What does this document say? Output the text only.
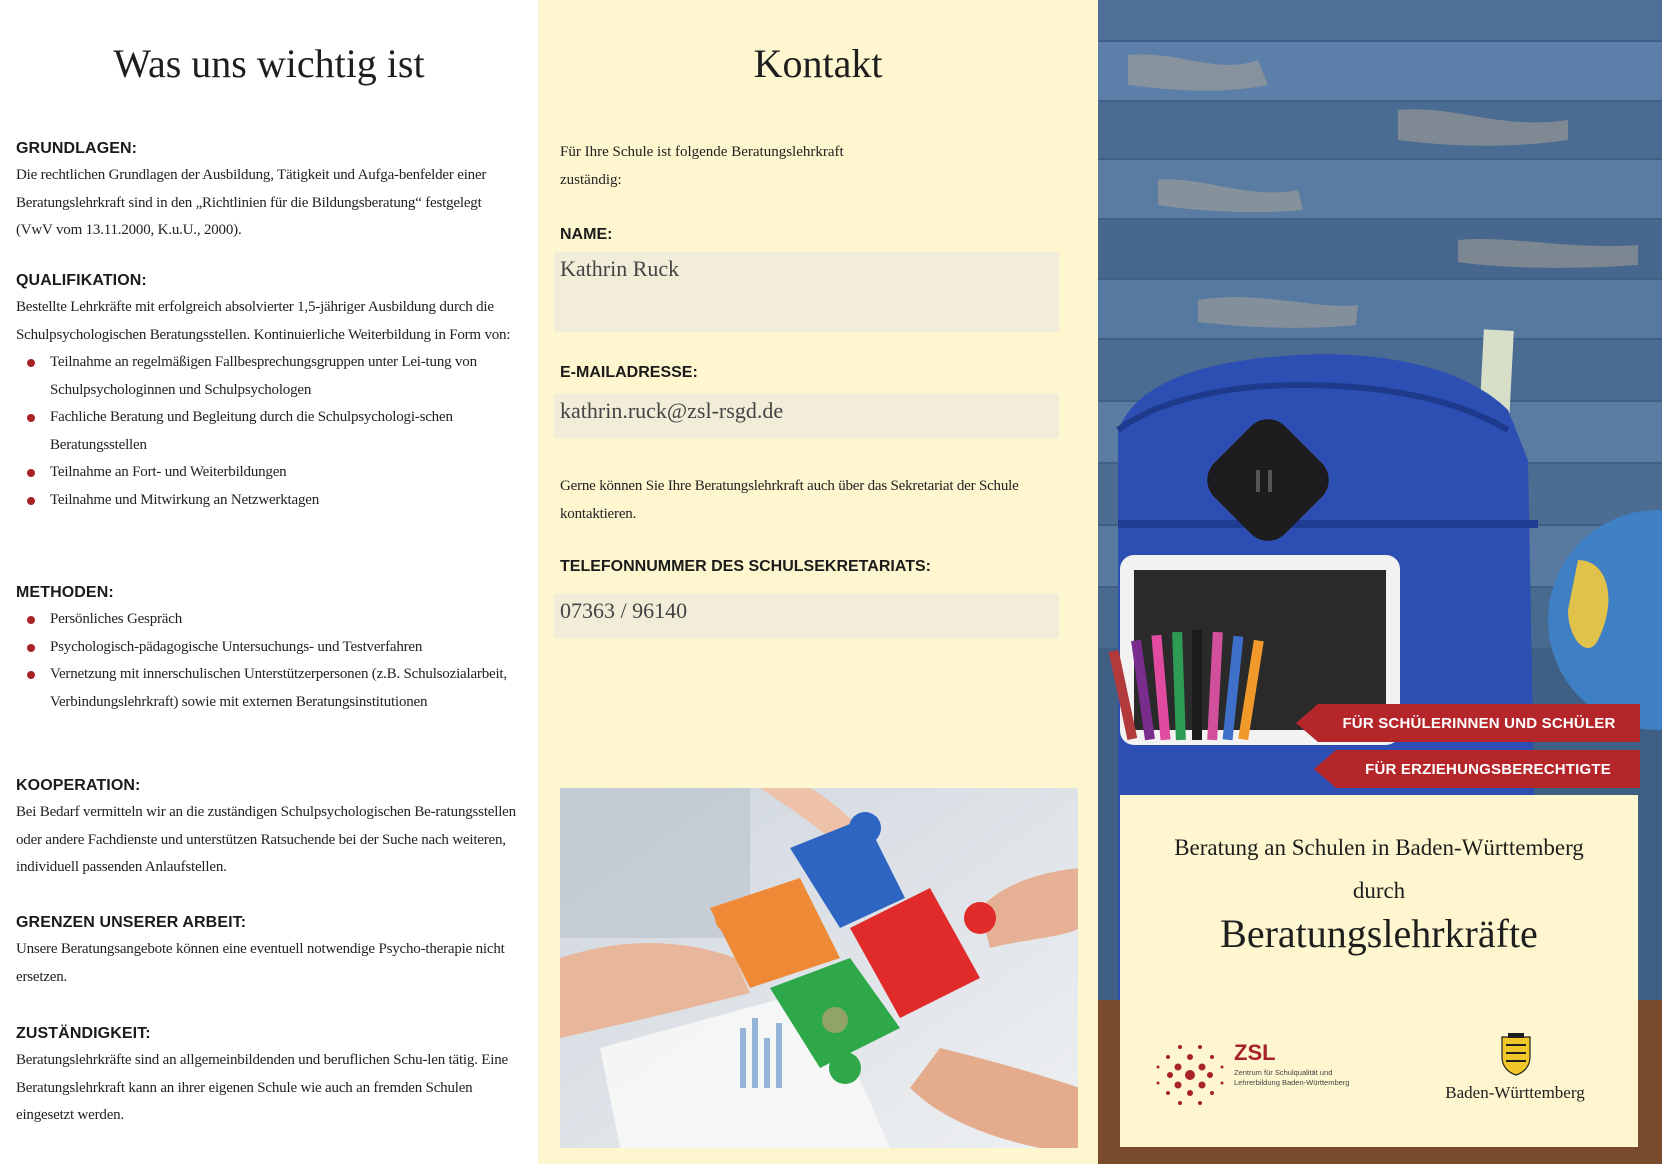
Was uns wichtig ist
GRUNDLAGEN:

Die rechtlichen Grundlagen der Ausbildung, Tätigkeit und Aufga-benfelder einer Beratungslehrkraft sind in den „Richtlinien für die Bildungsberatung“ festgelegt (VwV vom 13.11.2000, K.u.U., 2000).

QUALIFIKATION:

Bestellte Lehrkräfte mit erfolgreich absolvierter 1,5-jähriger Ausbildung durch die Schulpsychologischen Beratungsstellen. Kontinuierliche Weiterbildung in Form von:

Teilnahme an regelmäßigen Fallbesprechungsgruppen unter Lei-tung von Schulpsychologinnen und Schulpsychologen
Fachliche Beratung und Begleitung durch die Schulpsychologi-schen Beratungsstellen
Teilnahme an Fort- und Weiterbildungen
Teilnahme und Mitwirkung an Netzwerktagen
METHODEN:
Persönliches Gespräch
Psychologisch-pädagogische Untersuchungs- und Testverfahren
Vernetzung mit innerschulischen Unterstützerpersonen (z.B. Schulsozialarbeit, Verbindungslehrkraft) sowie mit externen Beratungsinstitutionen
KOOPERATION:

Bei Bedarf vermitteln wir an die zuständigen Schulpsychologischen Be-ratungsstellen oder andere Fachdienste und unterstützen Ratsuchende bei der Suche nach weiteren, individuell passenden Anlaufstellen.

GRENZEN UNSERER ARBEIT:

Unsere Beratungsangebote können eine eventuell notwendige Psycho-therapie nicht ersetzen.

ZUSTÄNDIGKEIT:

Beratungslehrkräfte sind an allgemeinbildenden und beruflichen Schu-len tätig. Eine Beratungslehrkraft kann an ihrer eigenen Schule wie auch an fremden Schulen eingesetzt werden.

Kontakt
Für Ihre Schule ist folgende Beratungslehrkraft zuständig:
NAME:
Kathrin Ruck
E-MAILADRESSE:
kathrin.ruck@zsl-rsgd.de
Gerne können Sie Ihre Beratungslehrkraft auch über das Sekretariat der Schule kontaktieren.
TELEFONNUMMER DES SCHULSEKRETARIATS:
07363 / 96140
FÜR SCHÜLERINNEN UND SCHÜLER
FÜR ERZIEHUNGSBERECHTIGTE
Beratung an Schulen in Baden-Württemberg
durch
Beratungslehrkräfte
ZSL
Zentrum für Schulqualität und Lehrerbildung Baden-Württemberg
Baden-Württemberg
